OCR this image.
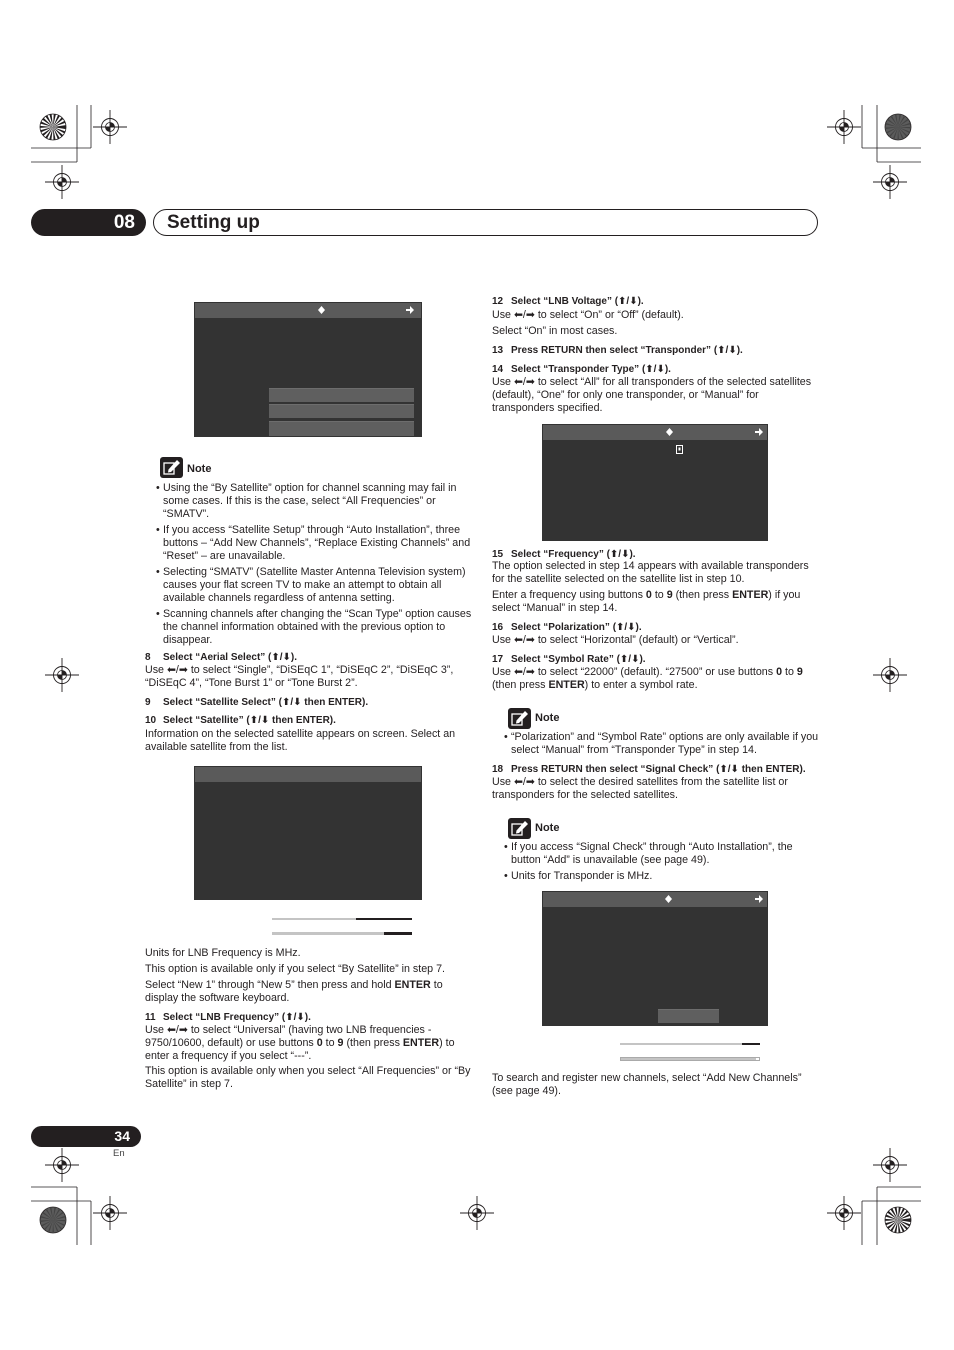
08	Setting up
Note
• Using the “By Satellite” option for channel scanning may fail in some cases. If this is the case, select “All Frequencies” or “SMATV”.
• If you access “Satellite Setup” through “Auto Installation”, three buttons – “Add New Channels”, “Replace Existing Channels” and “Reset” – are unavailable.
• Selecting “SMATV” (Satellite Master Antenna Television system) causes your flat screen TV to make an attempt to obtain all available channels regardless of antenna setting.
• Scanning channels after changing the “Scan Type” option causes the channel information obtained with the previous option to disappear.
8 Select “Aerial Select” (⬆/⬇).

Use ⬅/➡ to select “Single”, “DiSEqC 1”, “DiSEqC 2”, “DiSEqC 3”, “DiSEqC 4”, “Tone Burst 1” or “Tone Burst 2”.

9 Select “Satellite Select” (⬆/⬇ then ENTER).
10 Select “Satellite” (⬆/⬇ then ENTER).

Information on the selected satellite appears on screen. Select an available satellite from the list.

Units for LNB Frequency is MHz.

This option is available only if you select “By Satellite” in step 7.

Select “New 1” through “New 5” then press and hold ENTER to display the software keyboard.

11 Select “LNB Frequency” (⬆/⬇).

Use ⬅/➡ to select “Universal” (having two LNB frequencies - 9750/10600, default) or use buttons 0 to 9 (then press ENTER) to enter a frequency if you select “---”.

This option is available only when you select “All Frequencies” or “By Satellite” in step 7.

12 Select “LNB Voltage” (⬆/⬇).

Use ⬅/➡ to select “On” or “Off” (default).

Select “On” in most cases.

13 Press RETURN then select “Transponder” (⬆/⬇).
14 Select “Transponder Type” (⬆/⬇).

Use ⬅/➡ to select “All” for all transponders of the selected satellites (default), “One” for only one transponder, or “Manual” for transponders specified.

15 Select “Frequency” (⬆/⬇).

The option selected in step 14 appears with available transponders for the satellite selected on the satellite list in step 10.

Enter a frequency using buttons 0 to 9 (then press ENTER) if you select “Manual” in step 14.

16 Select “Polarization” (⬆/⬇).

Use ⬅/➡ to select “Horizontal” (default) or “Vertical”.

17 Select “Symbol Rate” (⬆/⬇).

Use ⬅/➡ to select “22000” (default). “27500” or use buttons 0 to 9 (then press ENTER) to enter a symbol rate.

Note
• “Polarization” and “Symbol Rate” options are only available if you select “Manual” from “Transponder Type” in step 14.
18 Press RETURN then select “Signal Check” (⬆/⬇ then ENTER).

Use ⬅/➡ to select the desired satellites from the satellite list or transponders for the selected satellites.

Note
• If you access “Signal Check” through “Auto Installation”, the button “Add” is unavailable (see page 49).
• Units for Transponder is MHz.

To search and register new channels, select “Add New Channels” (see page 49).

34
En
